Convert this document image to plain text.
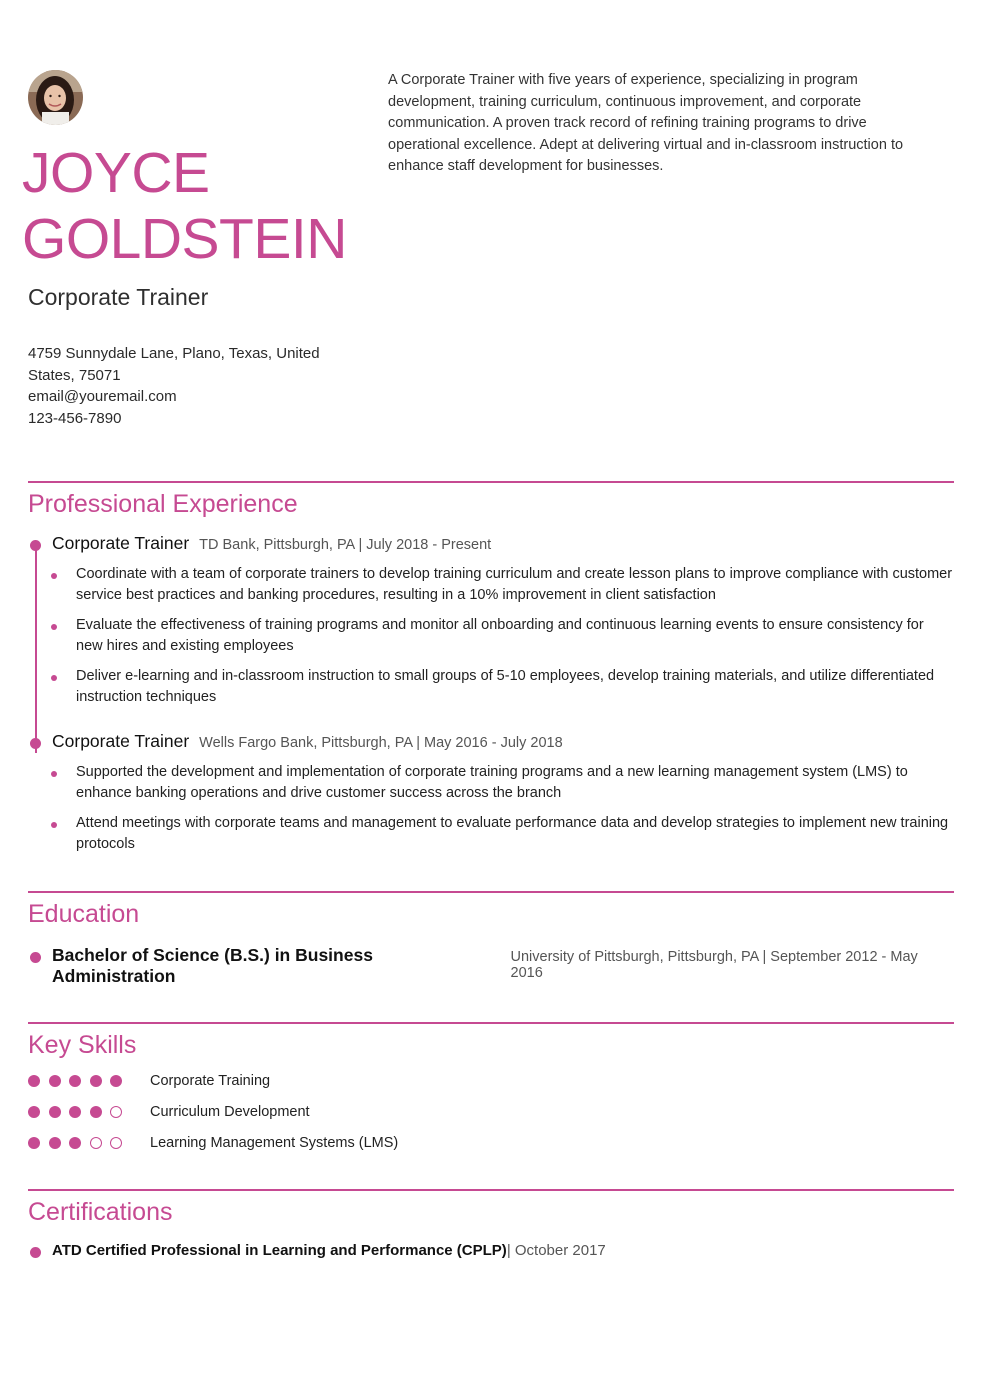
JOYCE
GOLDSTEIN
Corporate Trainer
4759 Sunnydale Lane, Plano, Texas, United
States, 75071
email@youremail.com
123-456-7890

A Corporate Trainer with five years of experience, specializing in program development, training curriculum, continuous improvement, and corporate communication. A proven track record of refining training programs to drive operational excellence. Adept at delivering virtual and in-classroom instruction to enhance staff development for businesses.

Professional Experience
Corporate Trainer TD Bank, Pittsburgh, PA | July 2018 - Present
Coordinate with a team of corporate trainers to develop training curriculum and create lesson plans to improve compliance with customer service best practices and banking procedures, resulting in a 10% improvement in client satisfaction
Evaluate the effectiveness of training programs and monitor all onboarding and continuous learning events to ensure consistency for new hires and existing employees
Deliver e-learning and in-classroom instruction to small groups of 5-10 employees, develop training materials, and utilize differentiated instruction techniques
Corporate Trainer Wells Fargo Bank, Pittsburgh, PA | May 2016 - July 2018
Supported the development and implementation of corporate training programs and a new learning management system (LMS) to enhance banking operations and drive customer success across the branch
Attend meetings with corporate teams and management to evaluate performance data and develop strategies to implement new training protocols
Education
Bachelor of Science (B.S.) in Business Administration
University of Pittsburgh, Pittsburgh, PA | September 2012 - May 2016
Key Skills
Corporate Training
Curriculum Development
Learning Management Systems (LMS)
Certifications
ATD Certified Professional in Learning and Performance (CPLP) | October 2017
